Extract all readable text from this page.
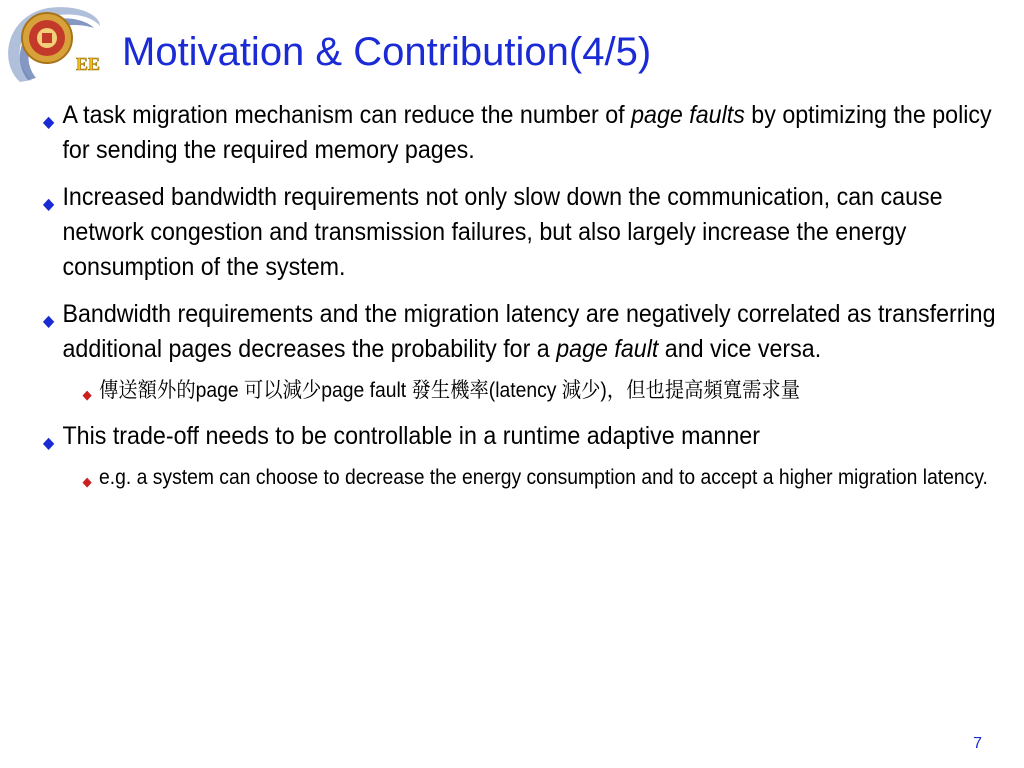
EE Motivation & Contribution(4/5)
◆ A task migration mechanism can reduce the number of page faults by optimizing the policy for sending the required memory pages.
◆ Increased bandwidth requirements not only slow down the communication, can cause network congestion and transmission failures, but also largely increase the energy consumption of the system.
◆ Bandwidth requirements and the migration latency are negatively correlated as transferring additional pages decreases the probability for a page fault and vice versa.
◆ 傳送額外的page 可以減少page fault 發生機率(latency 減少)，但也提高頻寬需求量
◆ This trade-off needs to be controllable in a runtime adaptive manner
◆ e.g. a system can choose to decrease the energy consumption and to accept a higher migration latency.
7
